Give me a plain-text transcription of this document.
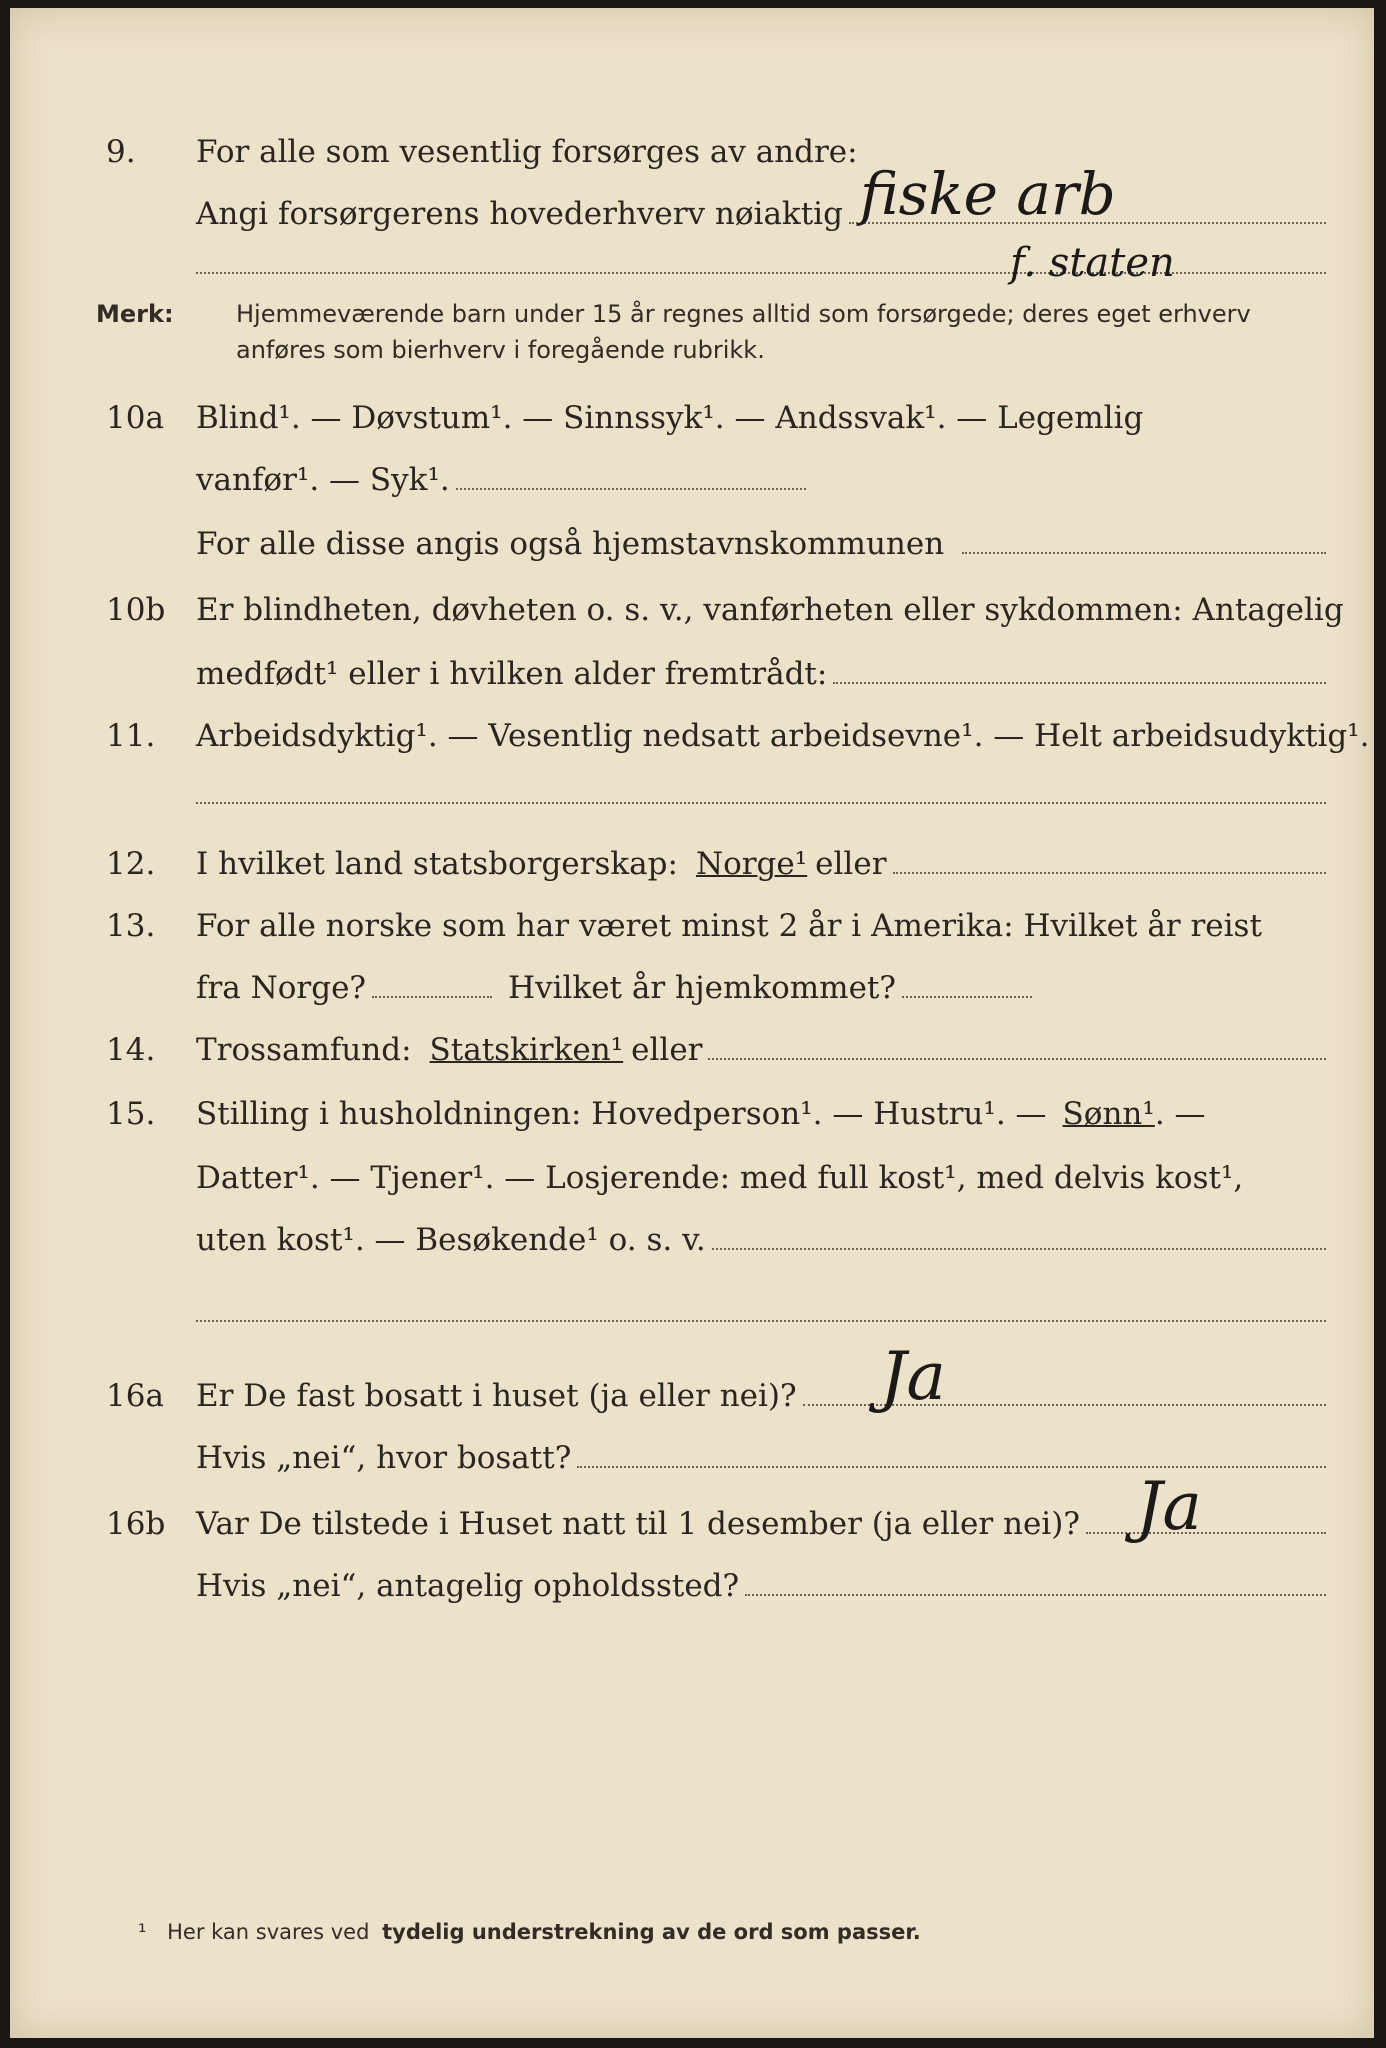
9.	For alle som vesentlig forsørges av andre:
Angi forsørgerens hovederhverv nøiaktig fiske arb
f. staten
Merk:	Hjemmeværende barn under 15 år regnes alltid som forsørgede; deres eget erhverv anføres som bierhverv i foregående rubrikk.
10a	Blind¹. — Døvstum¹. — Sinnssyk¹. — Andssvak¹. — Legemlig
vanfør¹. — Syk¹.
For alle disse angis også hjemstavnskommunen
10b Er blindheten, døvheten o. s. v., vanførheten eller sykdommen: Antagelig
medfødt¹ eller i hvilken alder fremtrådt:
11.	Arbeidsdyktig¹. — Vesentlig nedsatt arbeidsevne¹. — Helt arbeidsudyktig¹.
12.	I hvilket land statsborgerskap: Norge¹ eller
13.	For alle norske som har været minst 2 år i Amerika: Hvilket år reist
fra Norge?	Hvilket år hjemkommet?
14.	Trossamfund: Statskirken¹ eller
15.	Stilling i husholdningen: Hovedperson¹. — Hustru¹. — Sønn¹ . —
Datter¹. — Tjener¹. — Losjerende: med full kost¹, med delvis kost¹,
uten kost¹. — Besøkende¹ o. s. v.
16a	Er De fast bosatt i huset (ja eller nei)? Ja
Hvis „nei“, hvor bosatt?
16b Var De tilstede i Huset natt til 1 desember (ja eller nei)? Ja
Hvis „nei“, antagelig opholdssted?
¹ Her kan svares ved tydelig understrekning av de ord som passer.
